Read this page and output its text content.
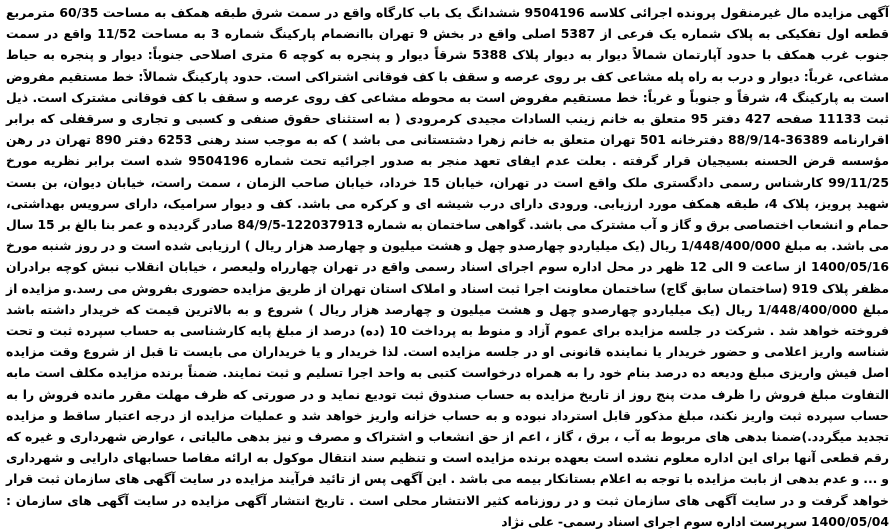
آگهی مزایده مال غیرمنقول پرونده اجرائی کلاسه 9504196 ششدانگ یک باب کارگاه واقع در سمت شرق طبقه همکف به مساحت 60/35 مترمربع قطعه اول تفکیکی به پلاک شماره یک فرعی از 5387 اصلی واقع در بخش 9 تهران باانضمام پارکینگ شماره 3 به مساحت 11/52 واقع در سمت جنوب غرب همکف با حدود آپارتمان شمالاً دیوار به دیوار پلاک 5388 شرقاً دیوار و پنجره به کوچه 6 متری اصلاحی جنوباً: دیوار و پنجره به حیاط مشاعی، غرباً: دیوار و درب به راه پله مشاعی کف بر روی عرصه و سقف با کف فوقانی اشتراکی است. حدود پارکینگ شمالاً: خط مستقیم مفروض است به پارکینگ 4، شرقاً و جنوباً و غرباً: خط مستقیم مفروض است به محوطه مشاعی کف روی عرصه و سقف با کف فوقانی مشترک است. ذیل ثبت 11133 صفحه 427 دفتر 95 متعلق به خانم زینب السادات مجیدی کرمرودی ( به استثنای حقوق صنفی و کسبی و تجاری و سرقفلی که برابر اقرارنامه 36389-88/9/14 دفترخانه 501 تهران متعلق به خانم زهرا دشتستانی می باشد ) که به موجب سند رهنی 6253 دفتر 890 تهران در رهن مؤسسه قرض الحسنه بسیجیان قرار گرفته . بعلت عدم ایفای تعهد منجر به صدور اجرائیه تحت شماره 9504196 شده است برابر نظریه مورخ 99/11/25 کارشناس رسمی دادگستری ملک واقع است در تهران، خیابان 15 خرداد، خیابان صاحب الزمان ، سمت راست، خیابان دیوان، بن بست شهید پرویز، پلاک 4، طبقه همکف مورد ارزیابی. ورودی دارای درب شیشه ای و کرکره می باشد. کف و دیوار سرامیک، دارای سرویس بهداشتی، حمام و انشعاب اختصاصی برق و گاز و آب مشترک می باشد. گواهی ساختمان به شماره 122037913-84/9/5 صادر گردیده و عمر بنا بالغ بر 15 سال می باشد. به مبلغ 1/448/400/000 ریال (یک میلیاردو چهارصدو چهل و هشت میلیون و چهارصد هزار ریال ) ارزیابی شده است و در روز شنبه مورخ 1400/05/16 از ساعت 9 الی 12 ظهر در محل اداره سوم اجرای اسناد رسمی واقع در تهران چهارراه ولیعصر ، خیابان انقلاب نبش کوچه برادران مظفر پلاک 919 (ساختمان سابق گاج) ساختمان معاونت اجرا ثبت اسناد و املاک استان تهران از طریق مزایده حضوری بفروش می رسد.و مزایده از مبلغ 1/448/400/000 ریال (یک میلیاردو چهارصدو چهل و هشت میلیون و چهارصد هزار ریال ) شروع و به بالاترین قیمت که خریدار داشته باشد فروخته خواهد شد . شرکت در جلسه مزایده برای عموم آزاد و منوط به پرداخت 10 (ده) درصد از مبلغ پایه کارشناسی به حساب سپرده ثبت و تحت شناسه واریز اعلامی و حضور خریدار یا نماینده قانونی او در جلسه مزایده است. لذا خریدار و یا خریداران می بایست تا قبل از شروع وقت مزایده اصل فیش واریزی مبلغ ودیعه ده درصد بنام خود را به همراه درخواست کتبی به واحد اجرا تسلیم و ثبت نمایند. ضمناً برنده مزایده مکلف است مابه التفاوت مبلغ فروش را ظرف مدت پنج روز از تاریخ مزایده به حساب صندوق ثبت تودیع نماید و در صورتی که ظرف مهلت مقرر مانده فروش را به حساب سپرده ثبت واریز نکند، مبلغ مذکور قابل استرداد نبوده و به حساب خزانه واریز خواهد شد و عملیات مزایده از درجه اعتبار ساقط و مزایده تجدید میگردد.)ضمنا بدهی های مربوط به آب ، برق ، گاز ، اعم از حق انشعاب و اشتراک و مصرف و نیز بدهی مالیاتی ، عوارض شهرداری و غیره که رقم قطعی آنها برای این اداره معلوم نشده است بعهده برنده مزایده است و تنظیم سند انتقال موکول به ارائه مفاصا حسابهای دارایی و شهرداری و ... و عدم بدهی از بابت مزایده با توجه به اعلام بستانکار بیمه می باشد . این آگهی پس از تائید فرآیند مزایده در سایت آگهی های سازمان ثبت قرار خواهد گرفت و در سایت آگهی های سازمان ثبت و در روزنامه کثیر الانتشار محلی است . تاریخ انتشار آگهی مزایده در سایت آگهی های سازمان : 1400/05/04 سرپرست اداره سوم اجرای اسناد رسمی- علی نژاد
